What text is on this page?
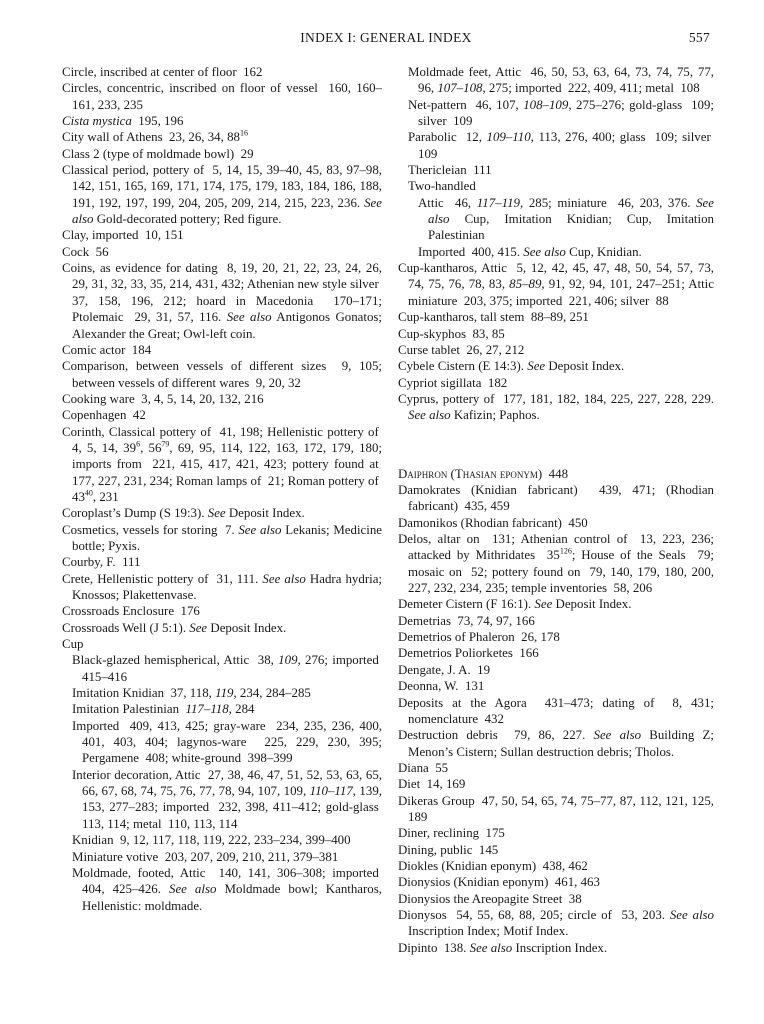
INDEX I: GENERAL INDEX	557

Circle, inscribed at center of floor  162

Circles, concentric, inscribed on floor of vessel  160, 160–161, 233, 235

Cista mystica  195, 196

City wall of Athens  23, 26, 34, $88^{16}$

Class 2 (type of moldmade bowl)  29

Classical period, pottery of  5, 14, 15, 39–40, 45, 83, 97–98, 142, 151, 165, 169, 171, 174, 175, 179, 183, 184, 186, 188, 191, 192, 197, 199, 204, 205, 209, 214, 215, 223, 236. See also Gold-decorated pottery; Red figure.

Clay, imported  10, 151

Cock  56

Coins, as evidence for dating  8, 19, 20, 21, 22, 23, 24, 26, 29, 31, 32, 33, 35, 214, 431, 432; Athenian new style silver  37, 158, 196, 212; hoard in Macedonia  170–171; Ptolemaic  29, 31, 57, 116. See also Antigonos Gonatos; Alexander the Great; Owl-left coin.

Comic actor  184

Comparison, between vessels of different sizes  9, 105; between vessels of different wares  9, 20, 32

Cooking ware  3, 4, 5, 14, 20, 132, 216

Copenhagen  42

Corinth, Classical pottery of  41, 198; Hellenistic pottery of  4, 5, 14, $39^6$, $56^{79}$, 69, 95, 114, 122, 163, 172, 179, 180; imports from  221, 415, 417, 421, 423; pottery found at  177, 227, 231, 234; Roman lamps of  21; Roman pottery of  $43^{40}$, 231

Coroplast’s Dump (S 19:3). See Deposit Index.

Cosmetics, vessels for storing  7. See also Lekanis; Medicine bottle; Pyxis.

Courby, F.  111

Crete, Hellenistic pottery of  31, 111. See also Hadra hydria; Knossos; Plakettenvase.

Crossroads Enclosure  176

Crossroads Well (J 5:1). See Deposit Index.

Cup

Black-glazed hemispherical, Attic  38, 109, 276; imported  415–416

Imitation Knidian  37, 118, 119, 234, 284–285

Imitation Palestinian  117–118, 284

Imported  409, 413, 425; gray-ware  234, 235, 236, 400, 401, 403, 404; lagynos-ware  225, 229, 230, 395; Pergamene  408; white-ground  398–399

Interior decoration, Attic  27, 38, 46, 47, 51, 52, 53, 63, 65, 66, 67, 68, 74, 75, 76, 77, 78, 94, 107, 109, 110–117, 139, 153, 277–283; imported  232, 398, 411–412; gold-glass  113, 114; metal  110, 113, 114

Knidian  9, 12, 117, 118, 119, 222, 233–234, 399–400

Miniature votive  203, 207, 209, 210, 211, 379–381

Moldmade, footed, Attic  140, 141, 306–308; imported  404, 425–426. See also Moldmade bowl; Kantharos, Hellenistic: moldmade.

Moldmade feet, Attic  46, 50, 53, 63, 64, 73, 74, 75, 77, 96, 107–108, 275; imported  222, 409, 411; metal  108

Net-pattern  46, 107, 108–109, 275–276; gold-glass  109; silver  109

Parabolic  12, 109–110, 113, 276, 400; glass  109; silver  109

Thericleian  111

Two-handled

Attic  46, 117–119, 285; miniature  46, 203, 376. See also Cup, Imitation Knidian; Cup, Imitation Palestinian

Imported  400, 415. See also Cup, Knidian.

Cup-kantharos, Attic  5, 12, 42, 45, 47, 48, 50, 54, 57, 73, 74, 75, 76, 78, 83, 85–89, 91, 92, 94, 101, 247–251; Attic miniature  203, 375; imported  221, 406; silver  88

Cup-kantharos, tall stem  88–89, 251

Cup-skyphos  83, 85

Curse tablet  26, 27, 212

Cybele Cistern (E 14:3). See Deposit Index.

Cypriot sigillata  182

Cyprus, pottery of  177, 181, 182, 184, 225, 227, 228, 229. See also Kafizin; Paphos.

Daiphron (Thasian eponym)  448

Damokrates (Knidian fabricant)  439, 471; (Rhodian fabricant)  435, 459

Damonikos (Rhodian fabricant)  450

Delos, altar on  131; Athenian control of  13, 223, 236; attacked by Mithridates  $35^{126}$; House of the Seals  79; mosaic on  52; pottery found on  79, 140, 179, 180, 200, 227, 232, 234, 235; temple inventories  58, 206

Demeter Cistern (F 16:1). See Deposit Index.

Demetrias  73, 74, 97, 166

Demetrios of Phaleron  26, 178

Demetrios Poliorketes  166

Dengate, J. A.  19

Deonna, W.  131

Deposits at the Agora  431–473; dating of  8, 431; nomenclature  432

Destruction debris  79, 86, 227. See also Building Z; Menon’s Cistern; Sullan destruction debris; Tholos.

Diana  55

Diet  14, 169

Dikeras Group  47, 50, 54, 65, 74, 75–77, 87, 112, 121, 125, 189

Diner, reclining  175

Dining, public  145

Diokles (Knidian eponym)  438, 462

Dionysios (Knidian eponym)  461, 463

Dionysios the Areopagite Street  38

Dionysos  54, 55, 68, 88, 205; circle of  53, 203. See also Inscription Index; Motif Index.

Dipinto  138. See also Inscription Index.
